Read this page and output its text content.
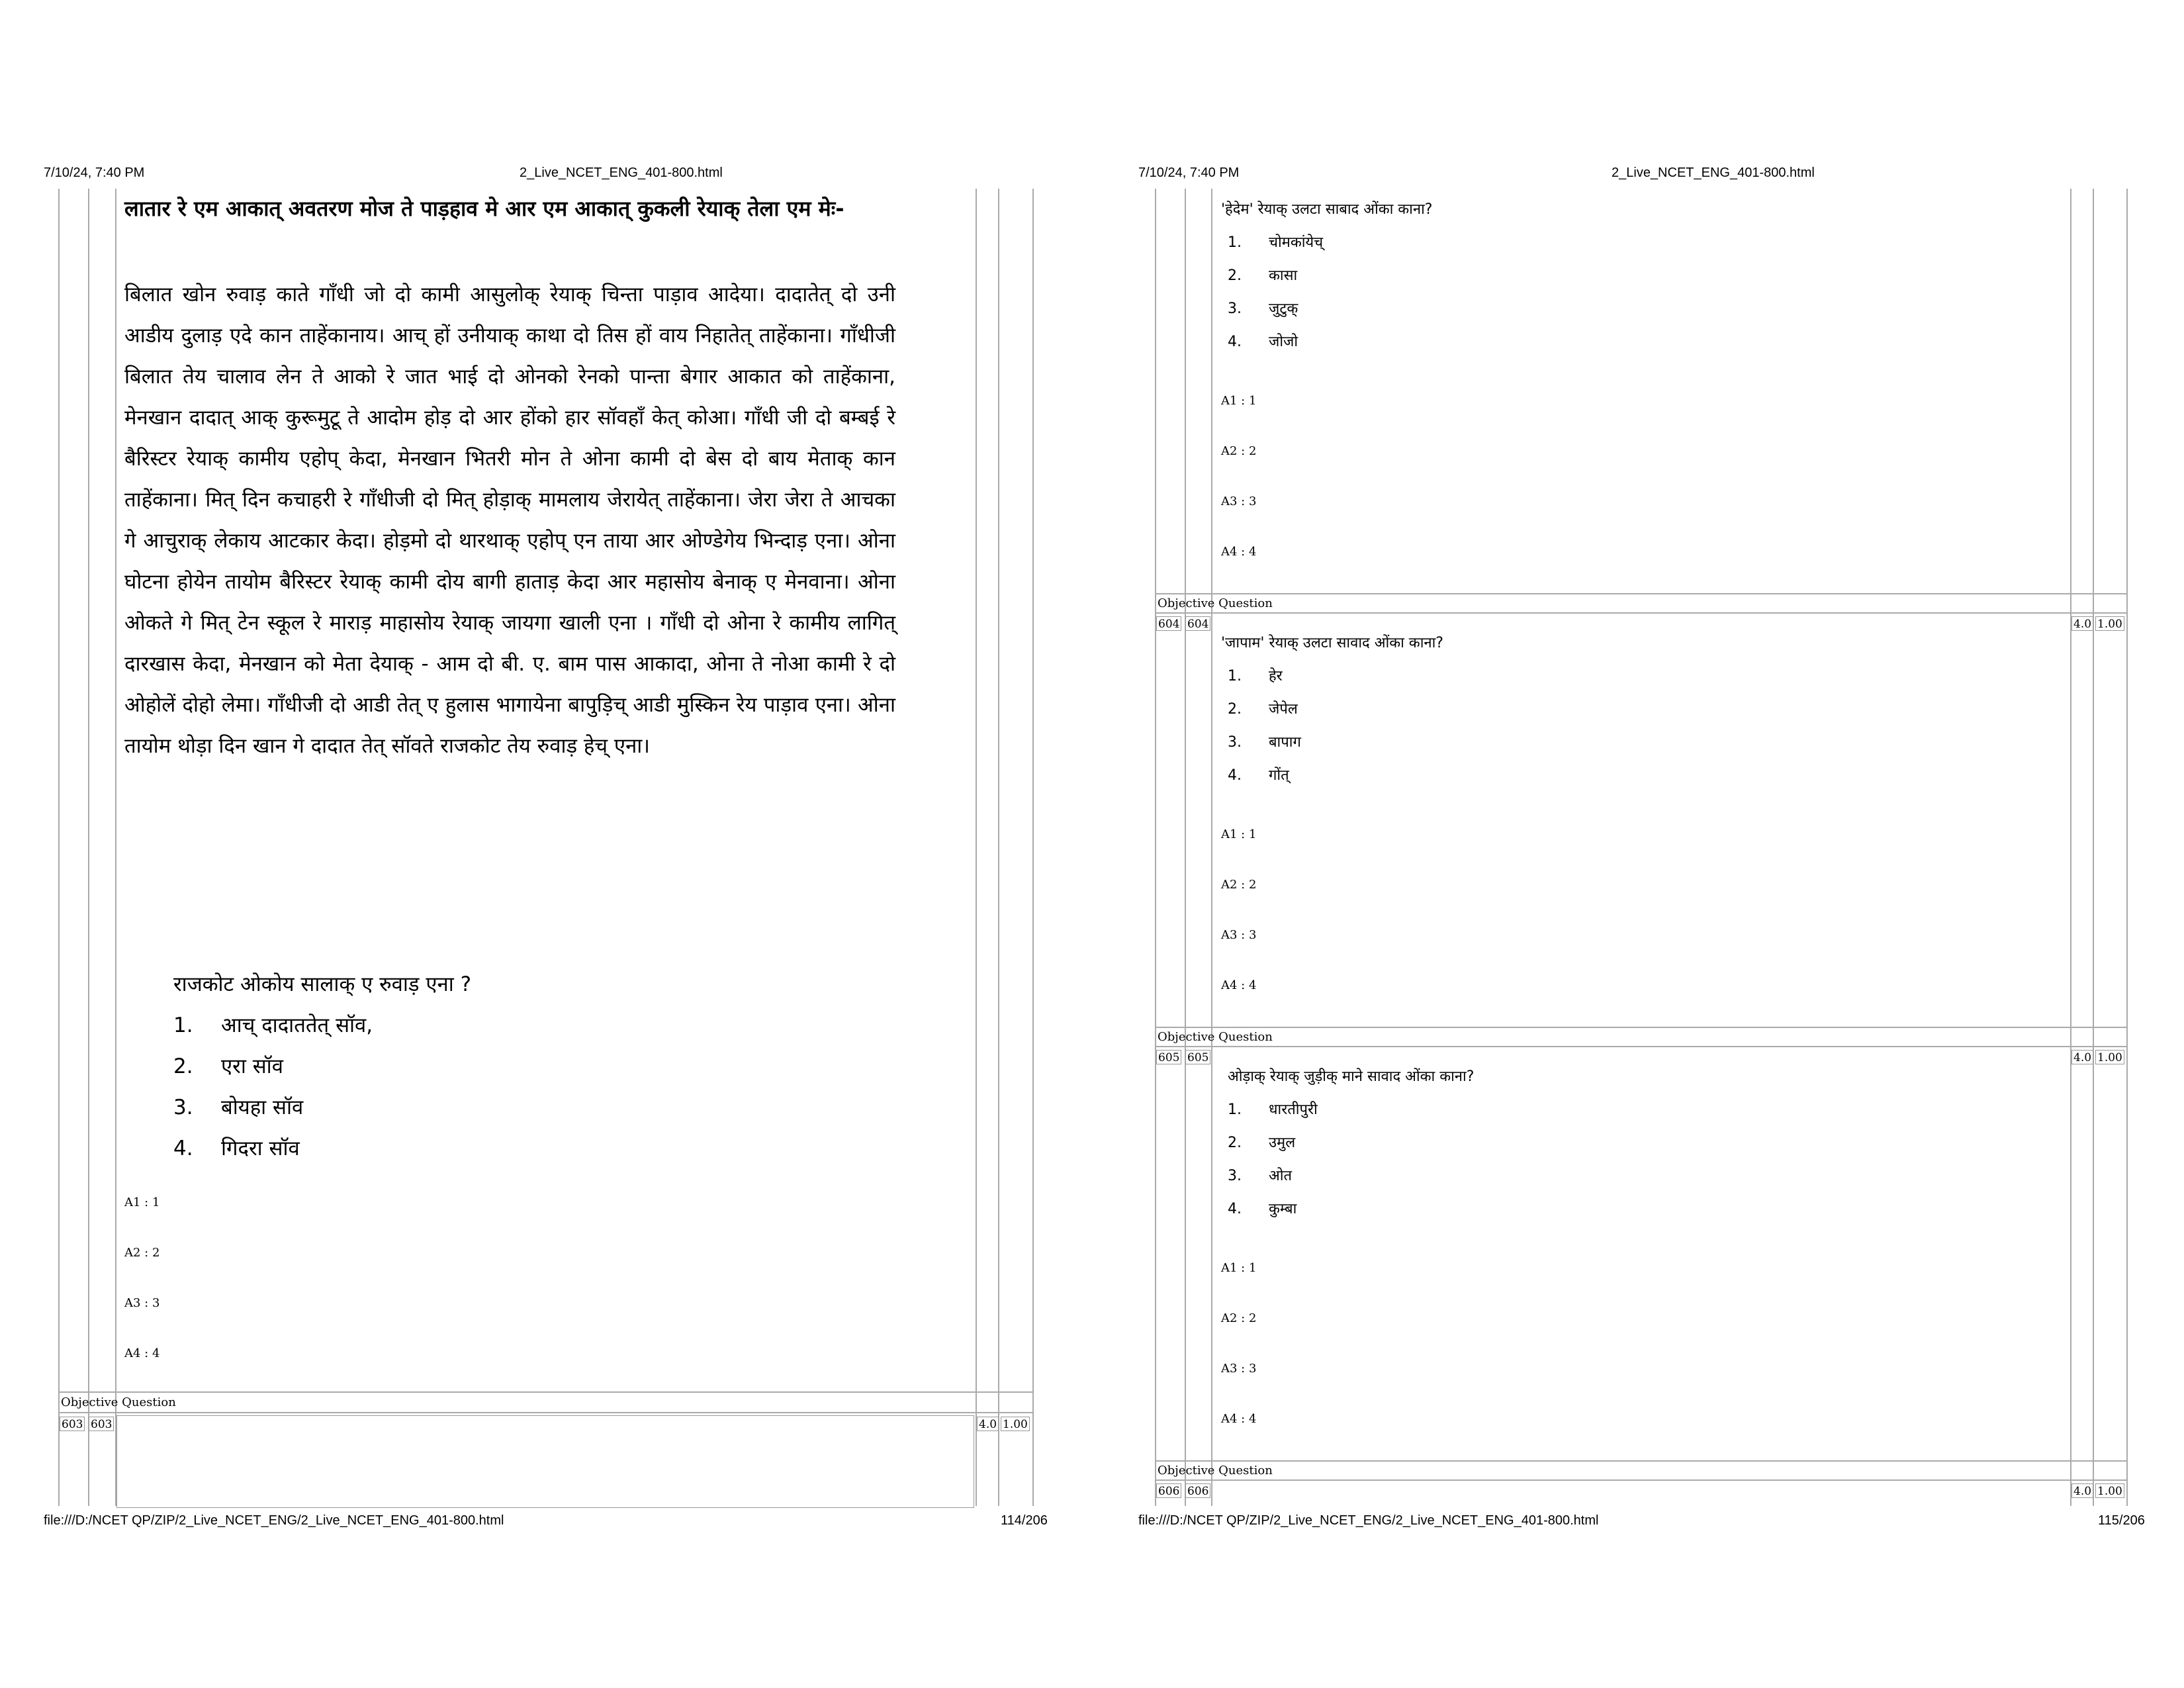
7/10/24, 7:40 PM	2_Live_NCET_ENG_401-800.html
लातार रे एम आकात् अवतरण मोज ते पाड़हाव मे आर एम आकात् कुकली रेयाक् तेला एम मेः-
बिलात खोन रुवाड़ काते गाँधी जो दो कामी आसुलोक् रेयाक् चिन्ता पाड़ाव आदेया। दादातेत् दो उनी आडीय दुलाड़ एदे कान ताहेंकानाय। आच् हों उनीयाक् काथा दो तिस हों वाय निहातेत् ताहेंकाना। गाँधीजी बिलात तेय चालाव लेन ते आको रे जात भाई दो ओनको रेनको पान्ता बेगार आकात को ताहेंकाना, मेनखान दादात् आक् कुरूमुटू ते आदोम होड़ दो आर होंको हार सॉवहाँ केत् कोआ। गाँधी जी दो बम्बई रे बैरिस्टर रेयाक् कामीय एहोप् केदा, मेनखान भितरी मोन ते ओना कामी दो बेस दो बाय मेताक् कान ताहेंकाना। मित् दिन कचाहरी रे गाँधीजी दो मित् होड़ाक् मामलाय जेरायेत् ताहेंकाना। जेरा जेरा ते आचका गे आचुराक् लेकाय आटकार केदा। होड़मो दो थारथाक् एहोप् एन ताया आर ओण्डेगेय भिन्दाड़ एना। ओना घोटना होयेन तायोम बैरिस्टर रेयाक् कामी दोय बागी हाताड़ केदा आर महासोय बेनाक् ए मेनवाना। ओना ओकते गे मित् टेन स्कूल रे माराड़ माहासोय रेयाक् जायगा खाली एना । गाँधी दो ओना रे कामीय लागित् दारखास केदा, मेनखान को मेता देयाक् - आम दो बी. ए. बाम पास आकादा, ओना ते नोआ कामी रे दो ओहोलें दोहो लेमा। गाँधीजी दो आडी तेत् ए हुलास भागायेना बापुड़िच् आडी मुस्किन रेय पाड़ाव एना। ओना तायोम थोड़ा दिन खान गे दादात तेत् सॉवते राजकोट तेय रुवाड़ हेच् एना।
राजकोट ओकोय सालाक् ए रुवाड़ एना ?
1. आच् दादाततेत् सॉव,
2. एरा सॉव
3. बोयहा सॉव
4. गिदरा सॉव
A1 : 1
A2 : 2
A3 : 3
A4 : 4
Objective Question
603 603	4.0 1.00
file:///D:/NCET QP/ZIP/2_Live_NCET_ENG/2_Live_NCET_ENG_401-800.html	114/206
7/10/24, 7:40 PM	2_Live_NCET_ENG_401-800.html
'हेदेम' रेयाक् उलटा साबाद ओंका काना?
1. चोमकांयेच्
2. कासा
3. जुटुक्
4. जोजो
A1 : 1
A2 : 2
A3 : 3
A4 : 4
Objective Question
604 604	4.0 1.00
'जापाम' रेयाक् उलटा सावाद ओंका काना?
1. हेर
2. जेपेल
3. बापाग
4. गोंत्
A1 : 1
A2 : 2
A3 : 3
A4 : 4
Objective Question
605 605	4.0 1.00
ओड़ाक् रेयाक् जुड़ीक् माने सावाद ओंका काना?
1. धारतीपुरी
2. उमुल
3. ओत
4. कुम्बा
A1 : 1
A2 : 2
A3 : 3
A4 : 4
Objective Question
606 606	4.0 1.00
file:///D:/NCET QP/ZIP/2_Live_NCET_ENG/2_Live_NCET_ENG_401-800.html	115/206
